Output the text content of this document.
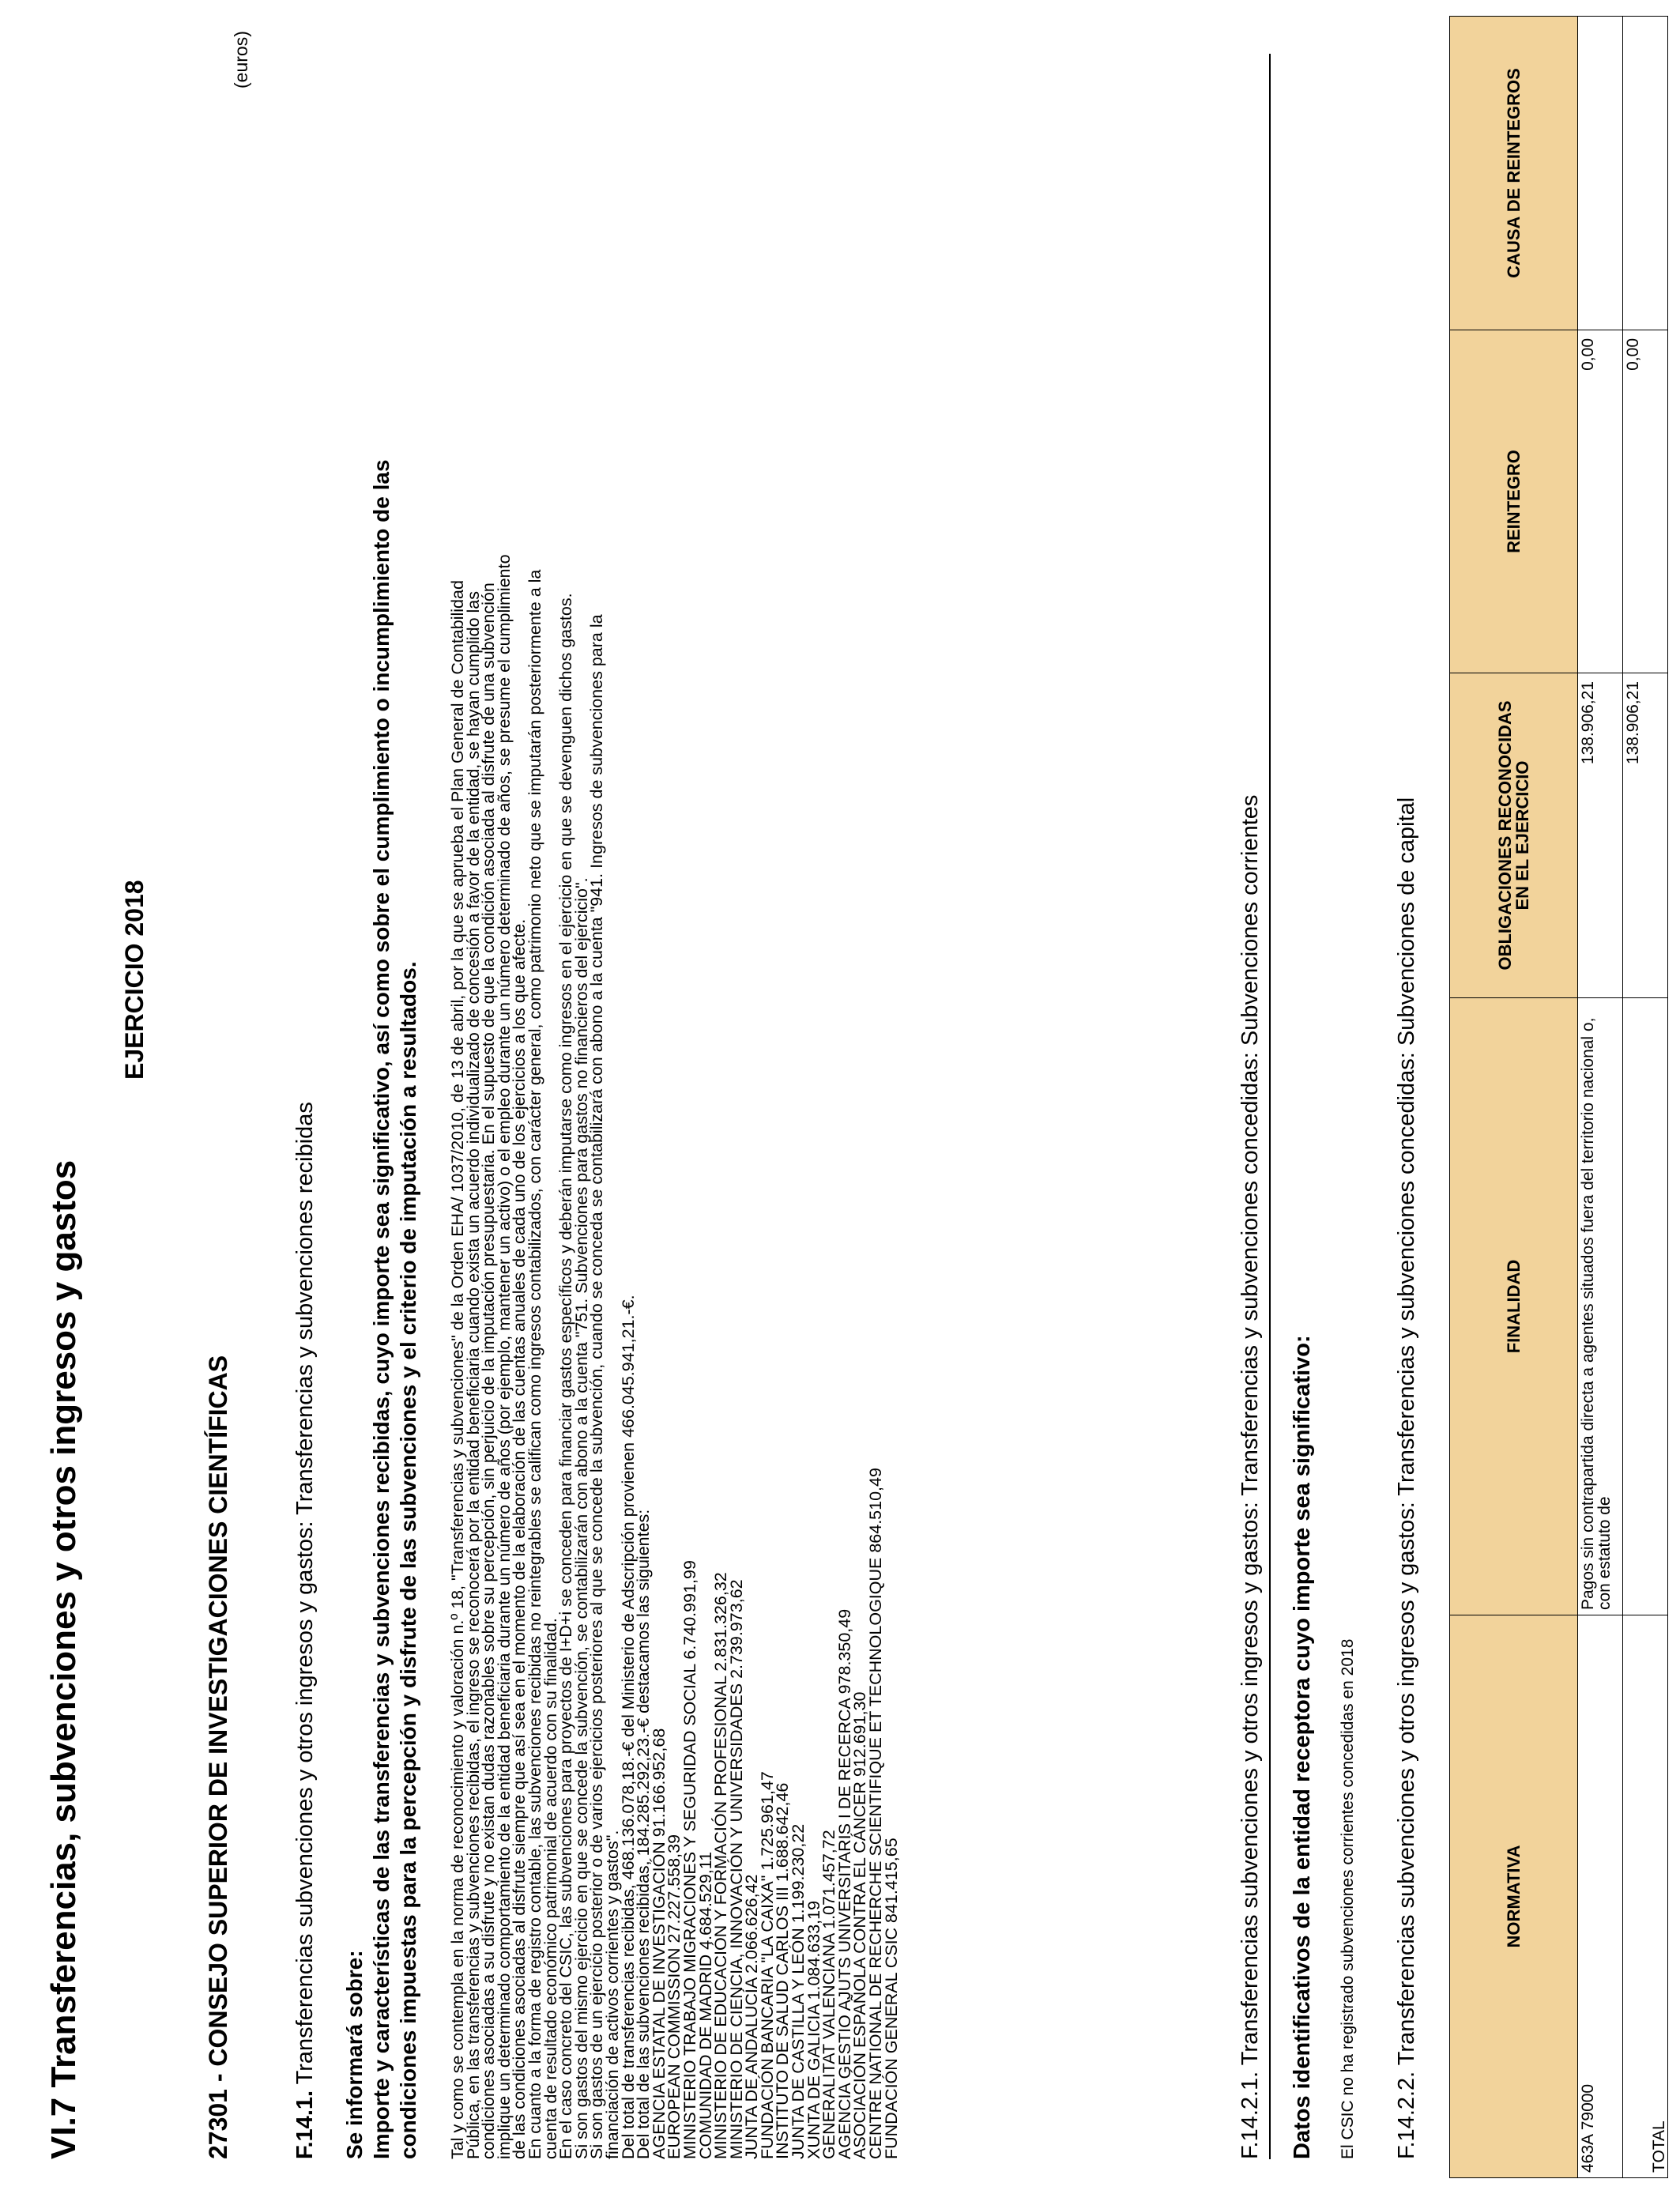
VI.7 Transferencias, subvenciones y otros ingresos y gastos
EJERCICIO 2018
27301 - CONSEJO SUPERIOR DE INVESTIGACIONES CIENTÍFICAS
(euros)
F.14.1. Transferencias subvenciones y otros ingresos y gastos: Transferencias y subvenciones recibidas Se informará sobre: Importe y características de las transferencias y subvenciones recibidas, cuyo importe sea significativo, así como sobre el cumplimiento o incumplimiento de las condiciones impuestas para la percepción y disfrute de las subvenciones y el criterio de imputación a resultados. Tal y como se contempla en la norma de reconocimiento y valoración n.º 18, "Transferencias y subvenciones" de la Orden EHA/ 1037/2010, de 13 de abril, por la que se aprueba el Plan General de Contabilidad
Pública, en las transferencias y subvenciones recibidas, el ingreso se reconocerá por la entidad beneficiaria cuando exista un acuerdo individualizado de concesión a favor de la entidad, se hayan cumplido las
condiciones asociadas a su disfrute y no existan dudas razonables sobre su percepción, sin perjuicio de la imputación presupuestaria. En el supuesto de que la condición asociada al disfrute de una subvención
implique un determinado comportamiento de la entidad beneficiaria durante un número de años (por ejemplo, mantener un activo) o el empleo durante un número determinado de años, se presume el cumplimiento
de las condiciones asociadas al disfrute siempre que así sea en el momento de la elaboración de las cuentas anuales de cada uno de los ejercicios a los que afecte.
En cuanto a la forma de registro contable, las subvenciones recibidas no reintegrables se califican como ingresos contabilizados, con carácter general, como patrimonio neto que se imputarán posteriormente a la
cuenta de resultado económico patrimonial de acuerdo con su finalidad.
En el caso concreto del CSIC, las subvenciones para proyectos de I+D+i se conceden para financiar gastos específicos y deberán imputarse como ingresos en el ejercicio en que se devenguen dichos gastos.
Si son gastos del mismo ejercicio en que se concede la subvención, se contabilizarán con abono a la cuenta "751. Subvenciones para gastos no financieros del ejercicio".
Si son gastos de un ejercicio posterior o de varios ejercicios posteriores al que se concede la subvención, cuando se conceda se contabilizará con abono a la cuenta "941. Ingresos de subvenciones para la
financiación de activos corrientes y gastos".
Del total de transferencias recibidas, 468.136.078,18.-€ del Ministerio de Adscripción provienen 466.045.941,21.-€.
Del total de las subvenciones recibidas, 184.285.292,23.-€ destacamos las siguientes:
AGENCIA ESTATAL DE INVESTIGACIÓN 91.166.952,68
EUROPEAN COMMISSION 27.227.558,39
MINISTERIO TRABAJO MIGRACIONES Y SEGURIDAD SOCIAL 6.740.991,99
COMUNIDAD DE MADRID 4.684.529,11
MINISTERIO DE EDUCACIÓN Y FORMACIÓN PROFESIONAL 2.831.326,32
MINISTERIO DE CIENCIA, INNOVACIÓN Y UNIVERSIDADES 2.739.973,62
JUNTA DE ANDALUCÍA 2.066.626,42
FUNDACIÓN BANCARIA "LA CAIXA" 1.725.961,47
INSTITUTO DE SALUD CARLOS III 1.688.642,46
JUNTA DE CASTILLA Y LEÓN 1.199.230,22
XUNTA DE GALICIA 1.084.633,19
GENERALITAT VALENCIANA 1.071.457,72
AGENCIA GESTIO AJUTS UNIVERSITARIS I DE RECERCA 978.350,49
ASOCIACIÓN ESPAÑOLA CONTRA EL CÁNCER 912.691,30
CENTRE NATIONAL DE RECHERCHE SCIENTIFIQUE ET TECHNOLOGIQUE 864.510,49
FUNDACIÓN GENERAL CSIC 841.415,65	F.14.2.1. Transferencias subvenciones y otros ingresos y gastos: Transferencias y subvenciones concedidas: Subvenciones corrientes Datos identificativos de la entidad receptora cuyo importe sea significativo: El CSIC no ha registrado subvenciones corrientes concedidas en 2018 F.14.2.2. Transferencias subvenciones y otros ingresos y gastos: Transferencias y subvenciones concedidas: Subvenciones de capital	NORMATIVA	FINALIDAD	OBLIGACIONES RECONOCIDAS EN EL EJERCICIO	REINTEGRO	CAUSA DE REINTEGROS
463A 79000	Pagos sin contrapartida directa a agentes situados fuera del territorio nacional o, con estatuto de	138.906,21	0,00	
TOTAL		138.906,21	0,00	
